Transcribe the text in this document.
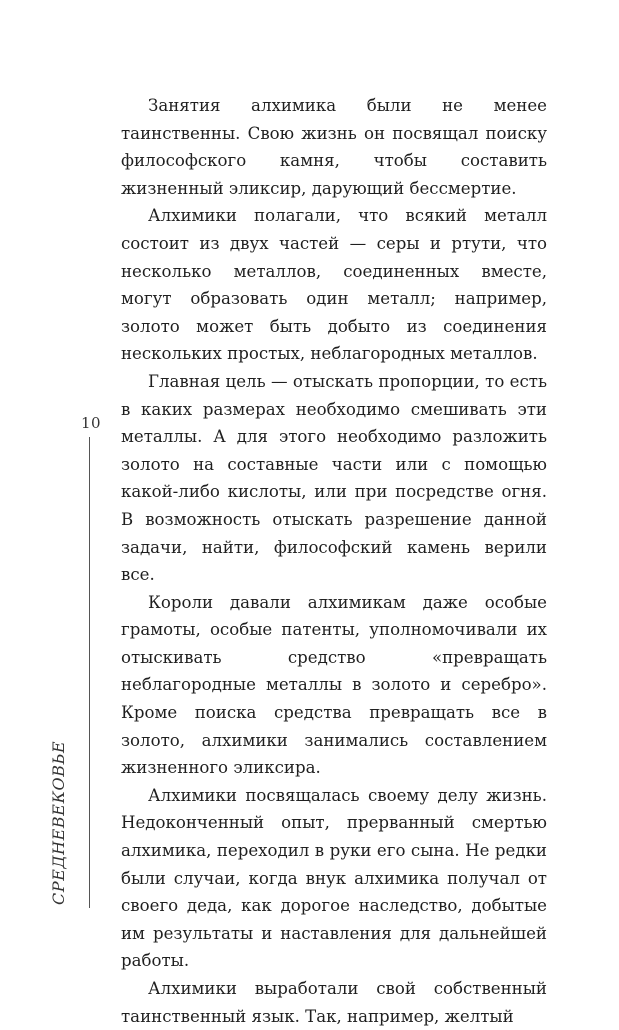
10
СРЕДНЕВЕКОВЬЕ

Занятия алхимика были не менее таинственны. Свою жизнь он посвящал поиску философского камня, чтобы составить жизненный эликсир, дарующий бессмертие.

Алхимики полагали, что всякий металл состоит из двух частей — серы и ртути, что несколько металлов, соединенных вместе, могут образовать один металл; например, золото может быть добыто из соединения нескольких простых, неблагородных металлов.

Главная цель — отыскать пропорции, то есть в каких размерах необходимо смешивать эти металлы. А для этого необходимо разложить золото на составные части или с помощью какой-либо кислоты, или при посредстве огня. В возможность отыскать разрешение данной задачи, найти, философский камень верили все.

Короли давали алхимикам даже особые грамоты, особые патенты, уполномочивали их отыскивать средство «превращать неблагородные металлы в золото и серебро». Кроме поиска средства превращать все в золото, алхимики занимались составлением жизненного эликсира.

Алхимики посвящалась своему делу жизнь. Недоконченный опыт, прерванный смертью алхимика, переходил в руки его сына. Не редки были случаи, когда внук алхимика получал от своего деда, как дорогое наследство, добытые им результаты и наставления для дальнейшей работы.

Алхимики выработали свой собственный таинственный язык. Так, например, желтый
